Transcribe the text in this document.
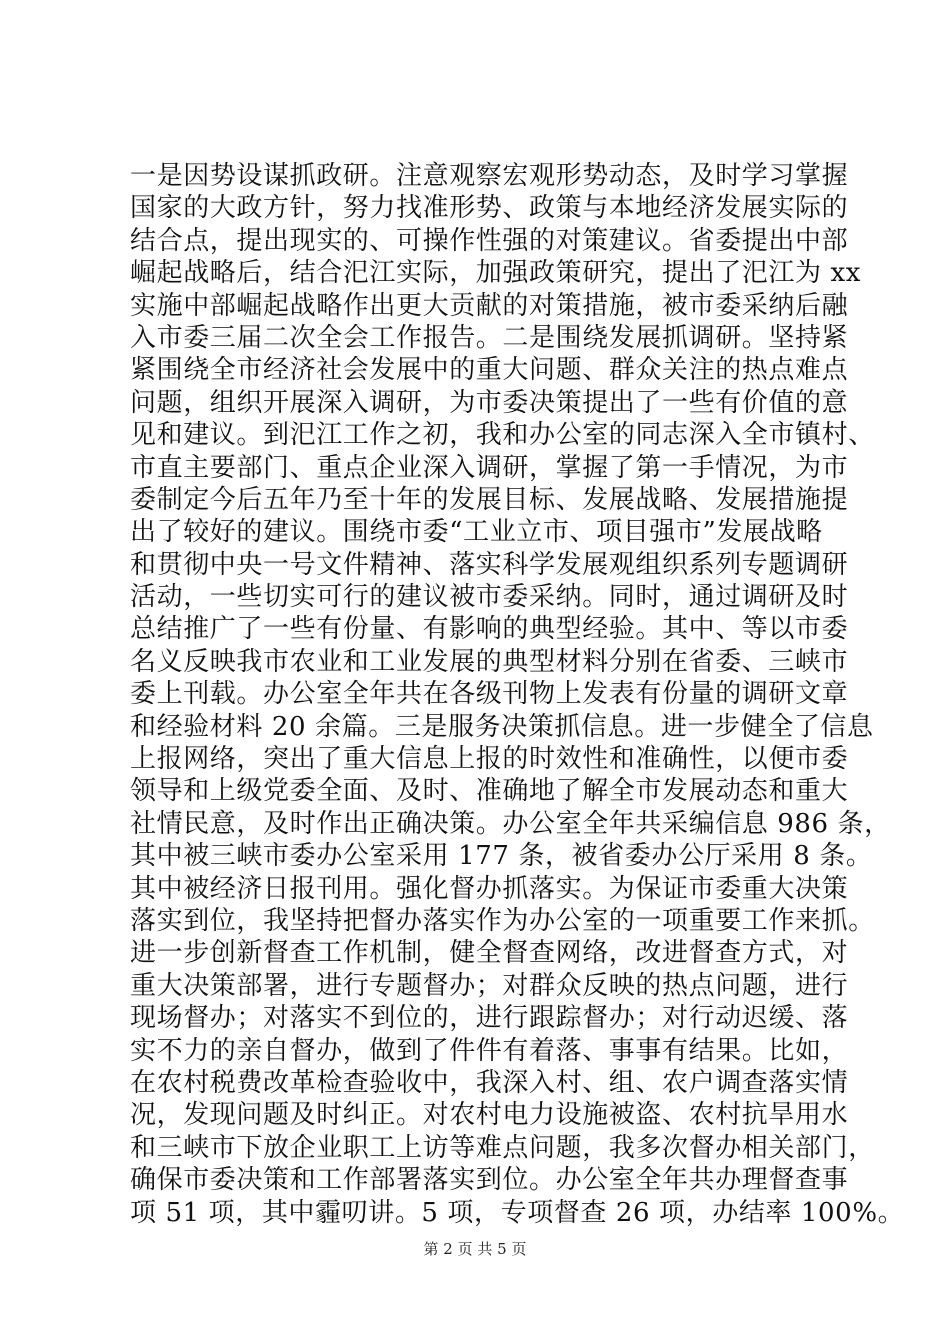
一是因势设谋抓政研。注意观察宏观形势动态，及时学习掌握
国家的大政方针，努力找准形势、政策与本地经济发展实际的
结合点，提出现实的、可操作性强的对策建议。省委提出中部
崛起战略后，结合汜江实际，加强政策研究，提出了汜江为 xx
实施中部崛起战略作出更大贡献的对策措施，被市委采纳后融
入市委三届二次全会工作报告。二是围绕发展抓调研。坚持紧
紧围绕全市经济社会发展中的重大问题、群众关注的热点难点
问题，组织开展深入调研，为市委决策提出了一些有价值的意
见和建议。到汜江工作之初，我和办公室的同志深入全市镇村、
市直主要部门、重点企业深入调研，掌握了第一手情况，为市
委制定今后五年乃至十年的发展目标、发展战略、发展措施提
出了较好的建议。围绕市委“工业立市、项目强市”发展战略
和贯彻中央一号文件精神、落实科学发展观组织系列专题调研
活动，一些切实可行的建议被市委采纳。同时，通过调研及时
总结推广了一些有份量、有影响的典型经验。其中、等以市委
名义反映我市农业和工业发展的典型材料分别在省委、三峡市
委上刊载。办公室全年共在各级刊物上发表有份量的调研文章
和经验材料 20 余篇。三是服务决策抓信息。进一步健全了信息
上报网络，突出了重大信息上报的时效性和准确性，以便市委
领导和上级党委全面、及时、准确地了解全市发展动态和重大
社情民意，及时作出正确决策。办公室全年共采编信息 986 条，
其中被三峡市委办公室采用 177 条，被省委办公厅采用 8 条。
其中被经济日报刊用。强化督办抓落实。为保证市委重大决策
落实到位，我坚持把督办落实作为办公室的一项重要工作来抓。
进一步创新督查工作机制，健全督查网络，改进督查方式，对
重大决策部署，进行专题督办；对群众反映的热点问题，进行
现场督办；对落实不到位的，进行跟踪督办；对行动迟缓、落
实不力的亲自督办，做到了件件有着落、事事有结果。比如，
在农村税费改革检查验收中，我深入村、组、农户调查落实情
况，发现问题及时纠正。对农村电力设施被盗、农村抗旱用水
和三峡市下放企业职工上访等难点问题，我多次督办相关部门，
确保市委决策和工作部署落实到位。办公室全年共办理督查事
项 51 项，其中霾叨讲。5 项，专项督查 26 项，办结率 100%。
第 2 页 共 5 页
